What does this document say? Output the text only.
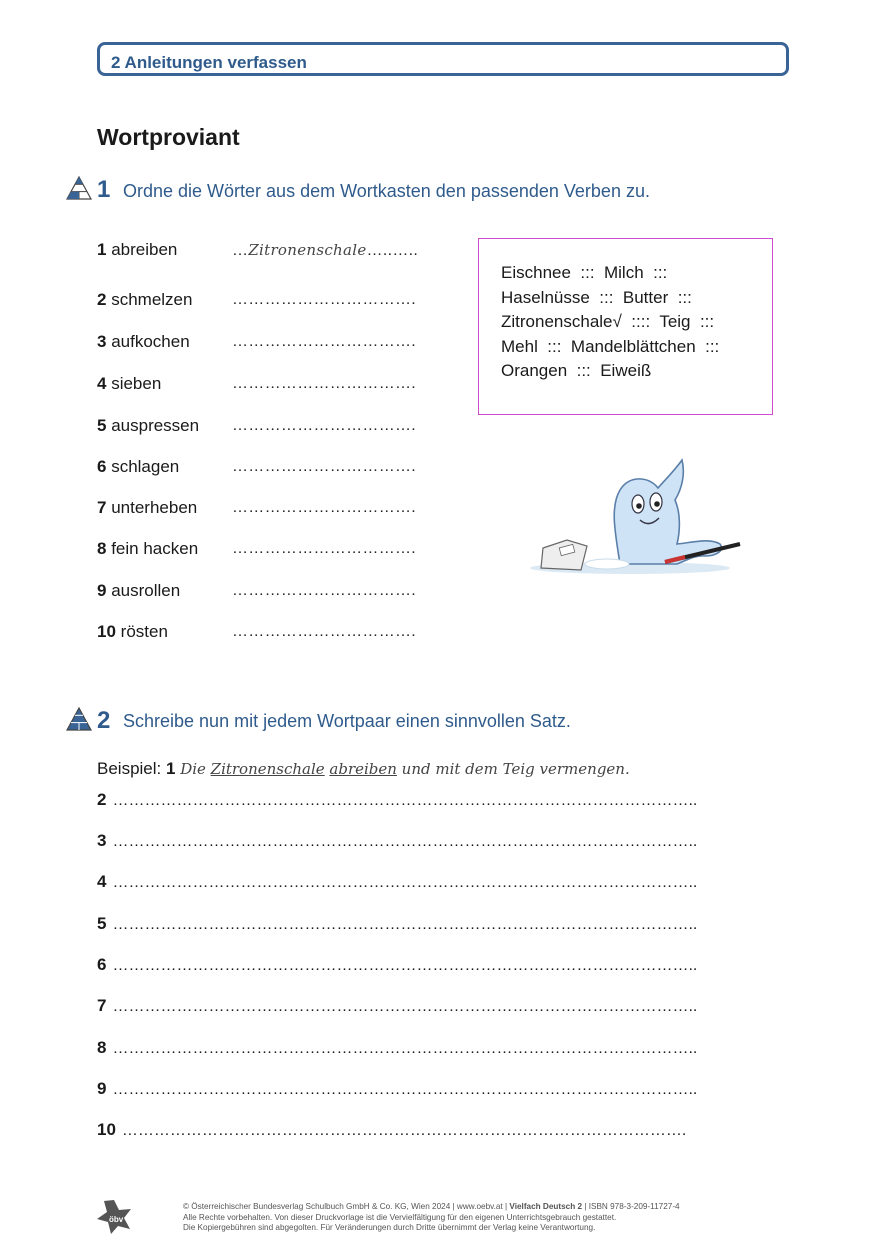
2 Anleitungen verfassen
Wortproviant
1 Ordne die Wörter aus dem Wortkasten den passenden Verben zu.
1 abreiben	…Zitronenschale…..…..
2 schmelzen	…………………………….
3 aufkochen	…………………………….
4 sieben	…………………………….
5 auspressen	…………………………….
6 schlagen	…………………………….
7 unterheben	…………………………….
8 fein hacken	…………………………….
9 ausrollen	…………………………….
10 rösten	…………………………….
Eischnee  :::  Milch  :::
Haselnüsse  :::  Butter  :::
Zitronenschale√  ::::  Teig  :::
Mehl  :::  Mandelblättchen  :::
Orangen  :::  Eiweiß
2 Schreibe nun mit jedem Wortpaar einen sinnvollen Satz.
Beispiel: 1 Die Zitronenschale abreiben und mit dem Teig vermengen.
2 ………………………………………………………………………………………………..
3 ………………………………………………………………………………………………..
4 ………………………………………………………………………………………………..
5 ………………………………………………………………………………………………..
6 ………………………………………………………………………………………………..
7 ………………………………………………………………………………………………..
8 ………………………………………………………………………………………………..
9 ………………………………………………………………………………………………..
10 …………………………………………………………………………………………….
öbv
© Österreichischer Bundesverlag Schulbuch GmbH & Co. KG, Wien 2024 | www.oebv.at | Vielfach Deutsch 2 | ISBN 978-3-209-11727-4
Alle Rechte vorbehalten. Von dieser Druckvorlage ist die Vervielfältigung für den eigenen Unterrichtsgebrauch gestattet.
Die Kopiergebühren sind abgegolten. Für Veränderungen durch Dritte übernimmt der Verlag keine Verantwortung.
